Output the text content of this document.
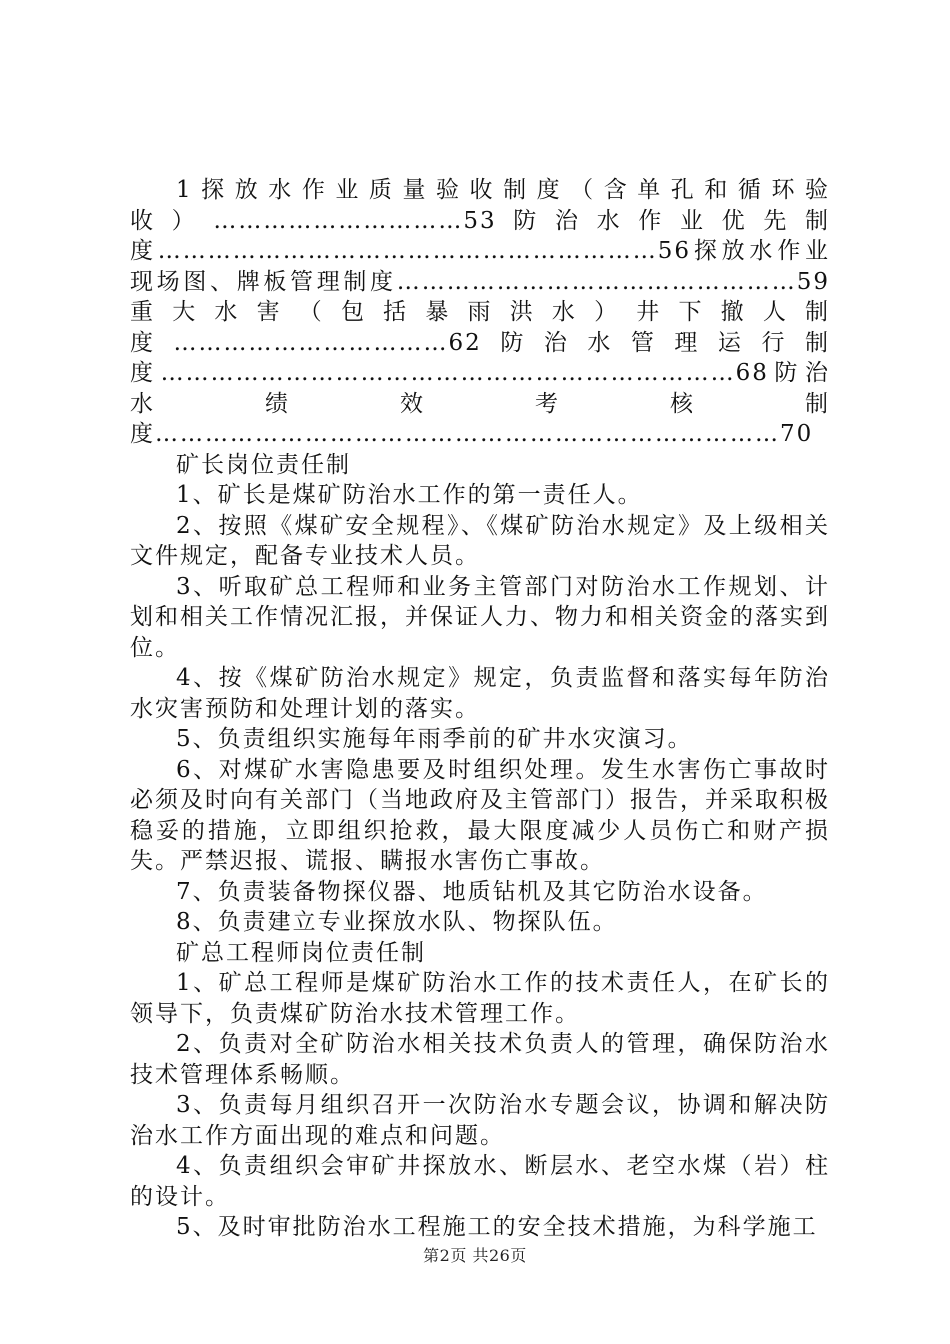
1探放水作业质量验收制度（含单孔和循环验收）…………………………53防治水作业优先制度……………………………………………………56探放水作业现场图、牌板管理制度…………………………………………59重大水害（包括暴雨洪水）井下撤人制度……………………………62防治水管理运行制度……………………………………………………………68防治水绩效考核制度…………………………………………………………………70

矿长岗位责任制

1、矿长是煤矿防治水工作的第一责任人。

2、按照《煤矿安全规程》、《煤矿防治水规定》及上级相关文件规定，配备专业技术人员。

3、听取矿总工程师和业务主管部门对防治水工作规划、计划和相关工作情况汇报，并保证人力、物力和相关资金的落实到位。

4、按《煤矿防治水规定》规定，负责监督和落实每年防治水灾害预防和处理计划的落实。

5、负责组织实施每年雨季前的矿井水灾演习。

6、对煤矿水害隐患要及时组织处理。发生水害伤亡事故时必须及时向有关部门（当地政府及主管部门）报告，并采取积极稳妥的措施，立即组织抢救，最大限度减少人员伤亡和财产损失。严禁迟报、谎报、瞒报水害伤亡事故。

7、负责装备物探仪器、地质钻机及其它防治水设备。

8、负责建立专业探放水队、物探队伍。

矿总工程师岗位责任制

1、矿总工程师是煤矿防治水工作的技术责任人，在矿长的领导下，负责煤矿防治水技术管理工作。

2、负责对全矿防治水相关技术负责人的管理，确保防治水技术管理体系畅顺。

3、负责每月组织召开一次防治水专题会议，协调和解决防治水工作方面出现的难点和问题。

4、负责组织会审矿井探放水、断层水、老空水煤（岩）柱的设计。

5、及时审批防治水工程施工的安全技术措施，为科学施工

第2页 共26页
